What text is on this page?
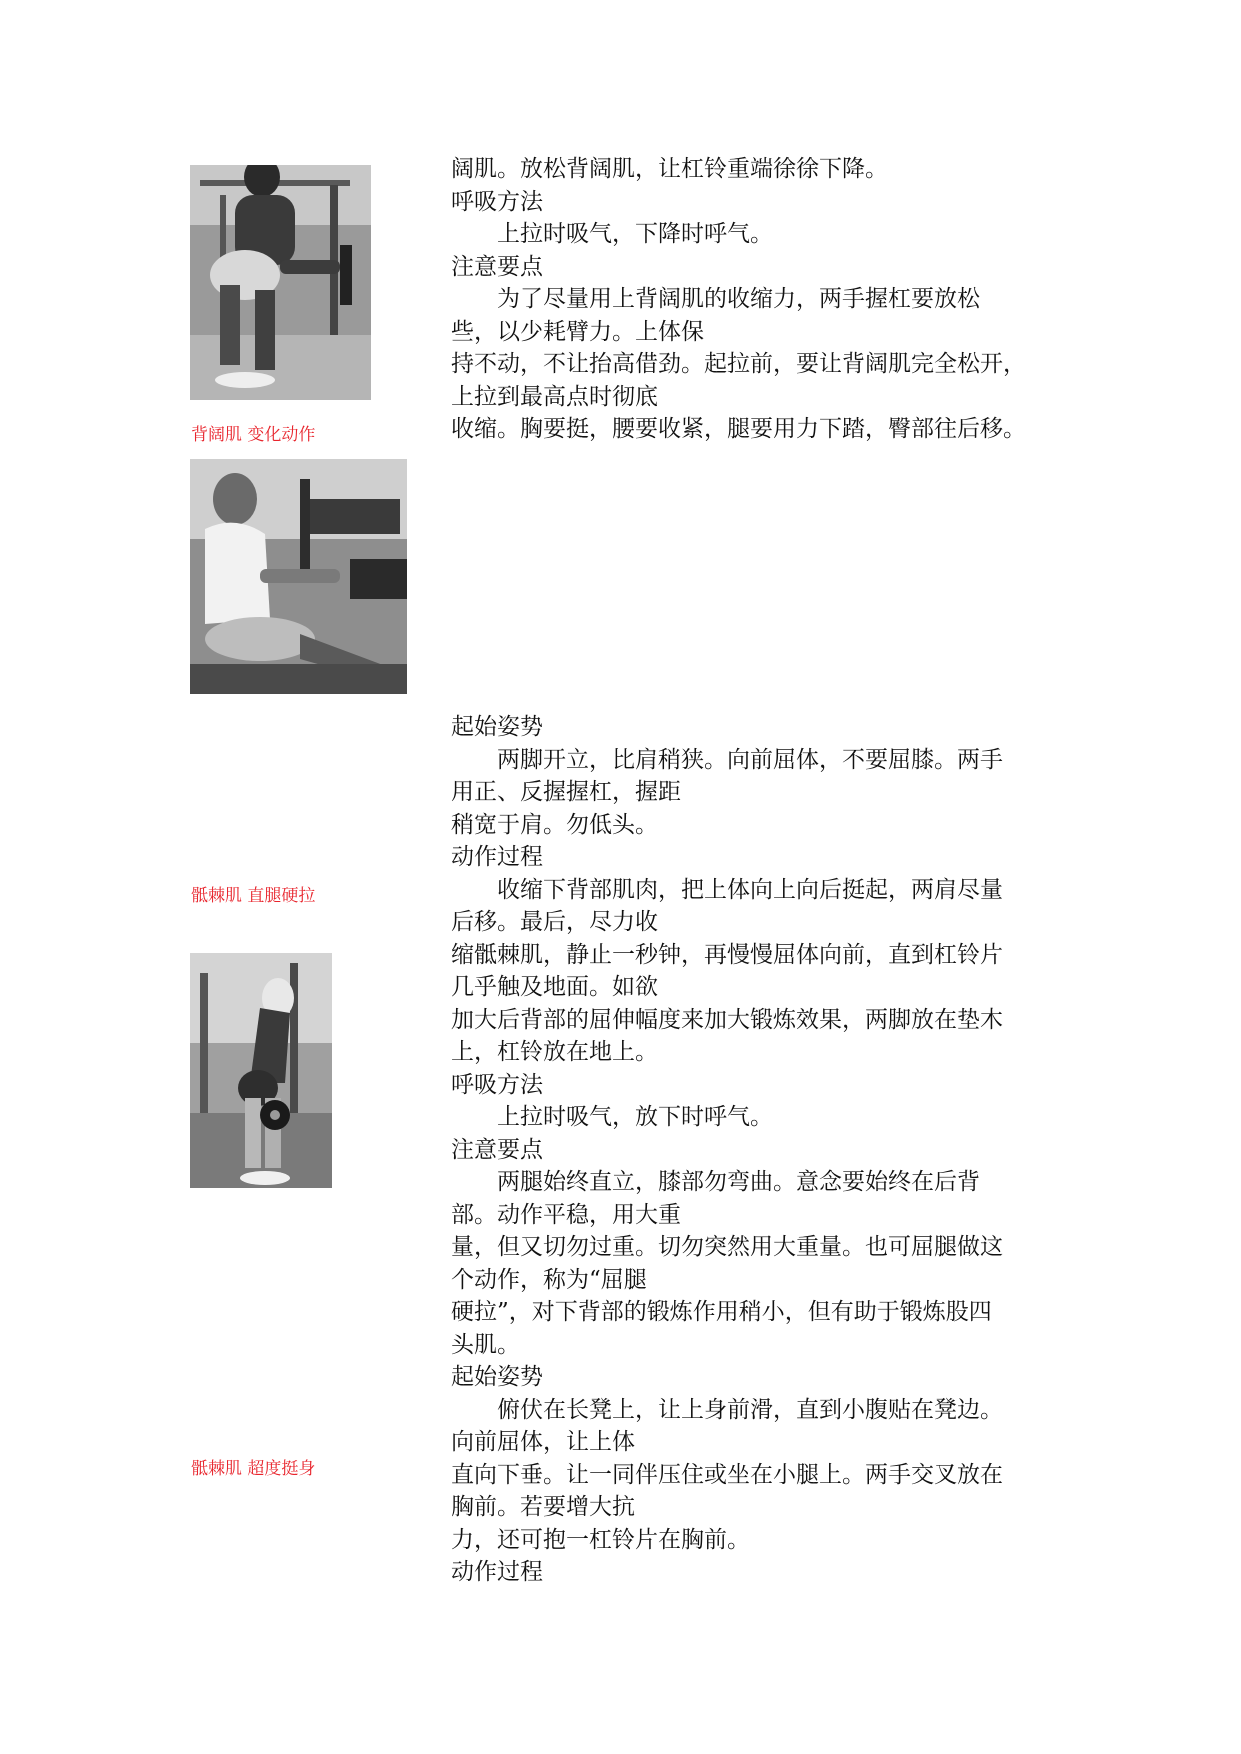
背阔肌 变化动作
骶棘肌 直腿硬拉
骶棘肌 超度挺身
阔肌。放松背阔肌，让杠铃重端徐徐下降。
呼吸方法
　　上拉时吸气，下降时呼气。
注意要点
　　为了尽量用上背阔肌的收缩力，两手握杠要放松
些，以少耗臂力。上体保
持不动，不让抬高借劲。起拉前，要让背阔肌完全松开，
上拉到最高点时彻底
收缩。胸要挺，腰要收紧，腿要用力下踏，臀部往后移。
起始姿势
　　两脚开立，比肩稍狭。向前屈体，不要屈膝。两手
用正、反握握杠，握距
稍宽于肩。勿低头。
动作过程
　　收缩下背部肌肉，把上体向上向后挺起，两肩尽量
后移。最后，尽力收
缩骶棘肌，静止一秒钟，再慢慢屈体向前，直到杠铃片
几乎触及地面。如欲
加大后背部的屈伸幅度来加大锻炼效果，两脚放在垫木
上，杠铃放在地上。
呼吸方法
　　上拉时吸气，放下时呼气。
注意要点
　　两腿始终直立，膝部勿弯曲。意念要始终在后背
部。动作平稳，用大重
量，但又切勿过重。切勿突然用大重量。也可屈腿做这
个动作，称为“屈腿
硬拉”，对下背部的锻炼作用稍小，但有助于锻炼股四
头肌。
起始姿势
　　俯伏在长凳上，让上身前滑，直到小腹贴在凳边。
向前屈体，让上体
直向下垂。让一同伴压住或坐在小腿上。两手交叉放在
胸前。若要增大抗
力，还可抱一杠铃片在胸前。
动作过程
